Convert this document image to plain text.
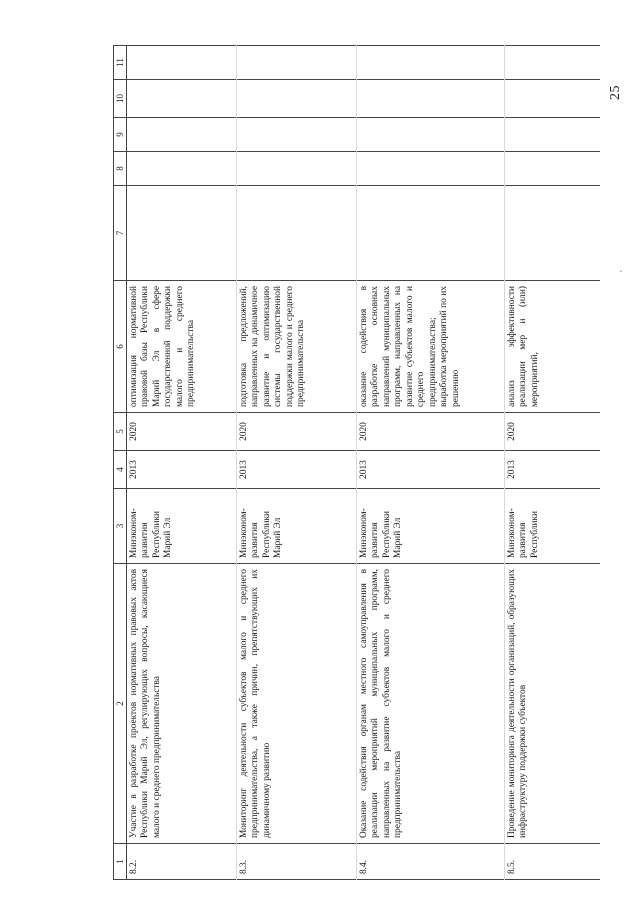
25
1	2	3	4	5	6	7	8	9	10	11
8.2.	Участие в разработке проектов нормативных правовых актов Республики Марий Эл, регулирующих вопросы, касающиеся малого и среднего предпринимательства	Минэконом-развития Республики Марий Эл	2013	2020	оптимизация нормативной правовой базы Республики Марий Эл в сфере государственной поддержки малого и среднего предпринимательства					
8.3.	Мониторинг деятельности субъектов малого и среднего предпринимательства, а также причин, препятствующих их динамичному развитию	Минэконом-развития Республики Марий Эл	2013	2020	подготовка предложений, направленных на динамичное развитие и оптимизацию системы государственной поддержки малого и среднего предпринимательства					
8.4.	Оказание содействия органам местного самоуправления в реализации мероприятий муниципальных программ, направленных на развитие субъектов малого и среднего предпринимательства	Минэконом-развития Республики Марий Эл	2013	2020	оказание содействия в разработке основных направлений муниципальных программ, направленных на развитие субъектов малого и среднего предпринимательства; выработка мероприятий по их решению					
8.5.	Проведение мониторинга деятельности организаций, образующих инфраструктуру поддержки субъектов	Минэконом-развития Республики	2013	2020	анализ эффективности реализации мер и (или) мероприятий,					
